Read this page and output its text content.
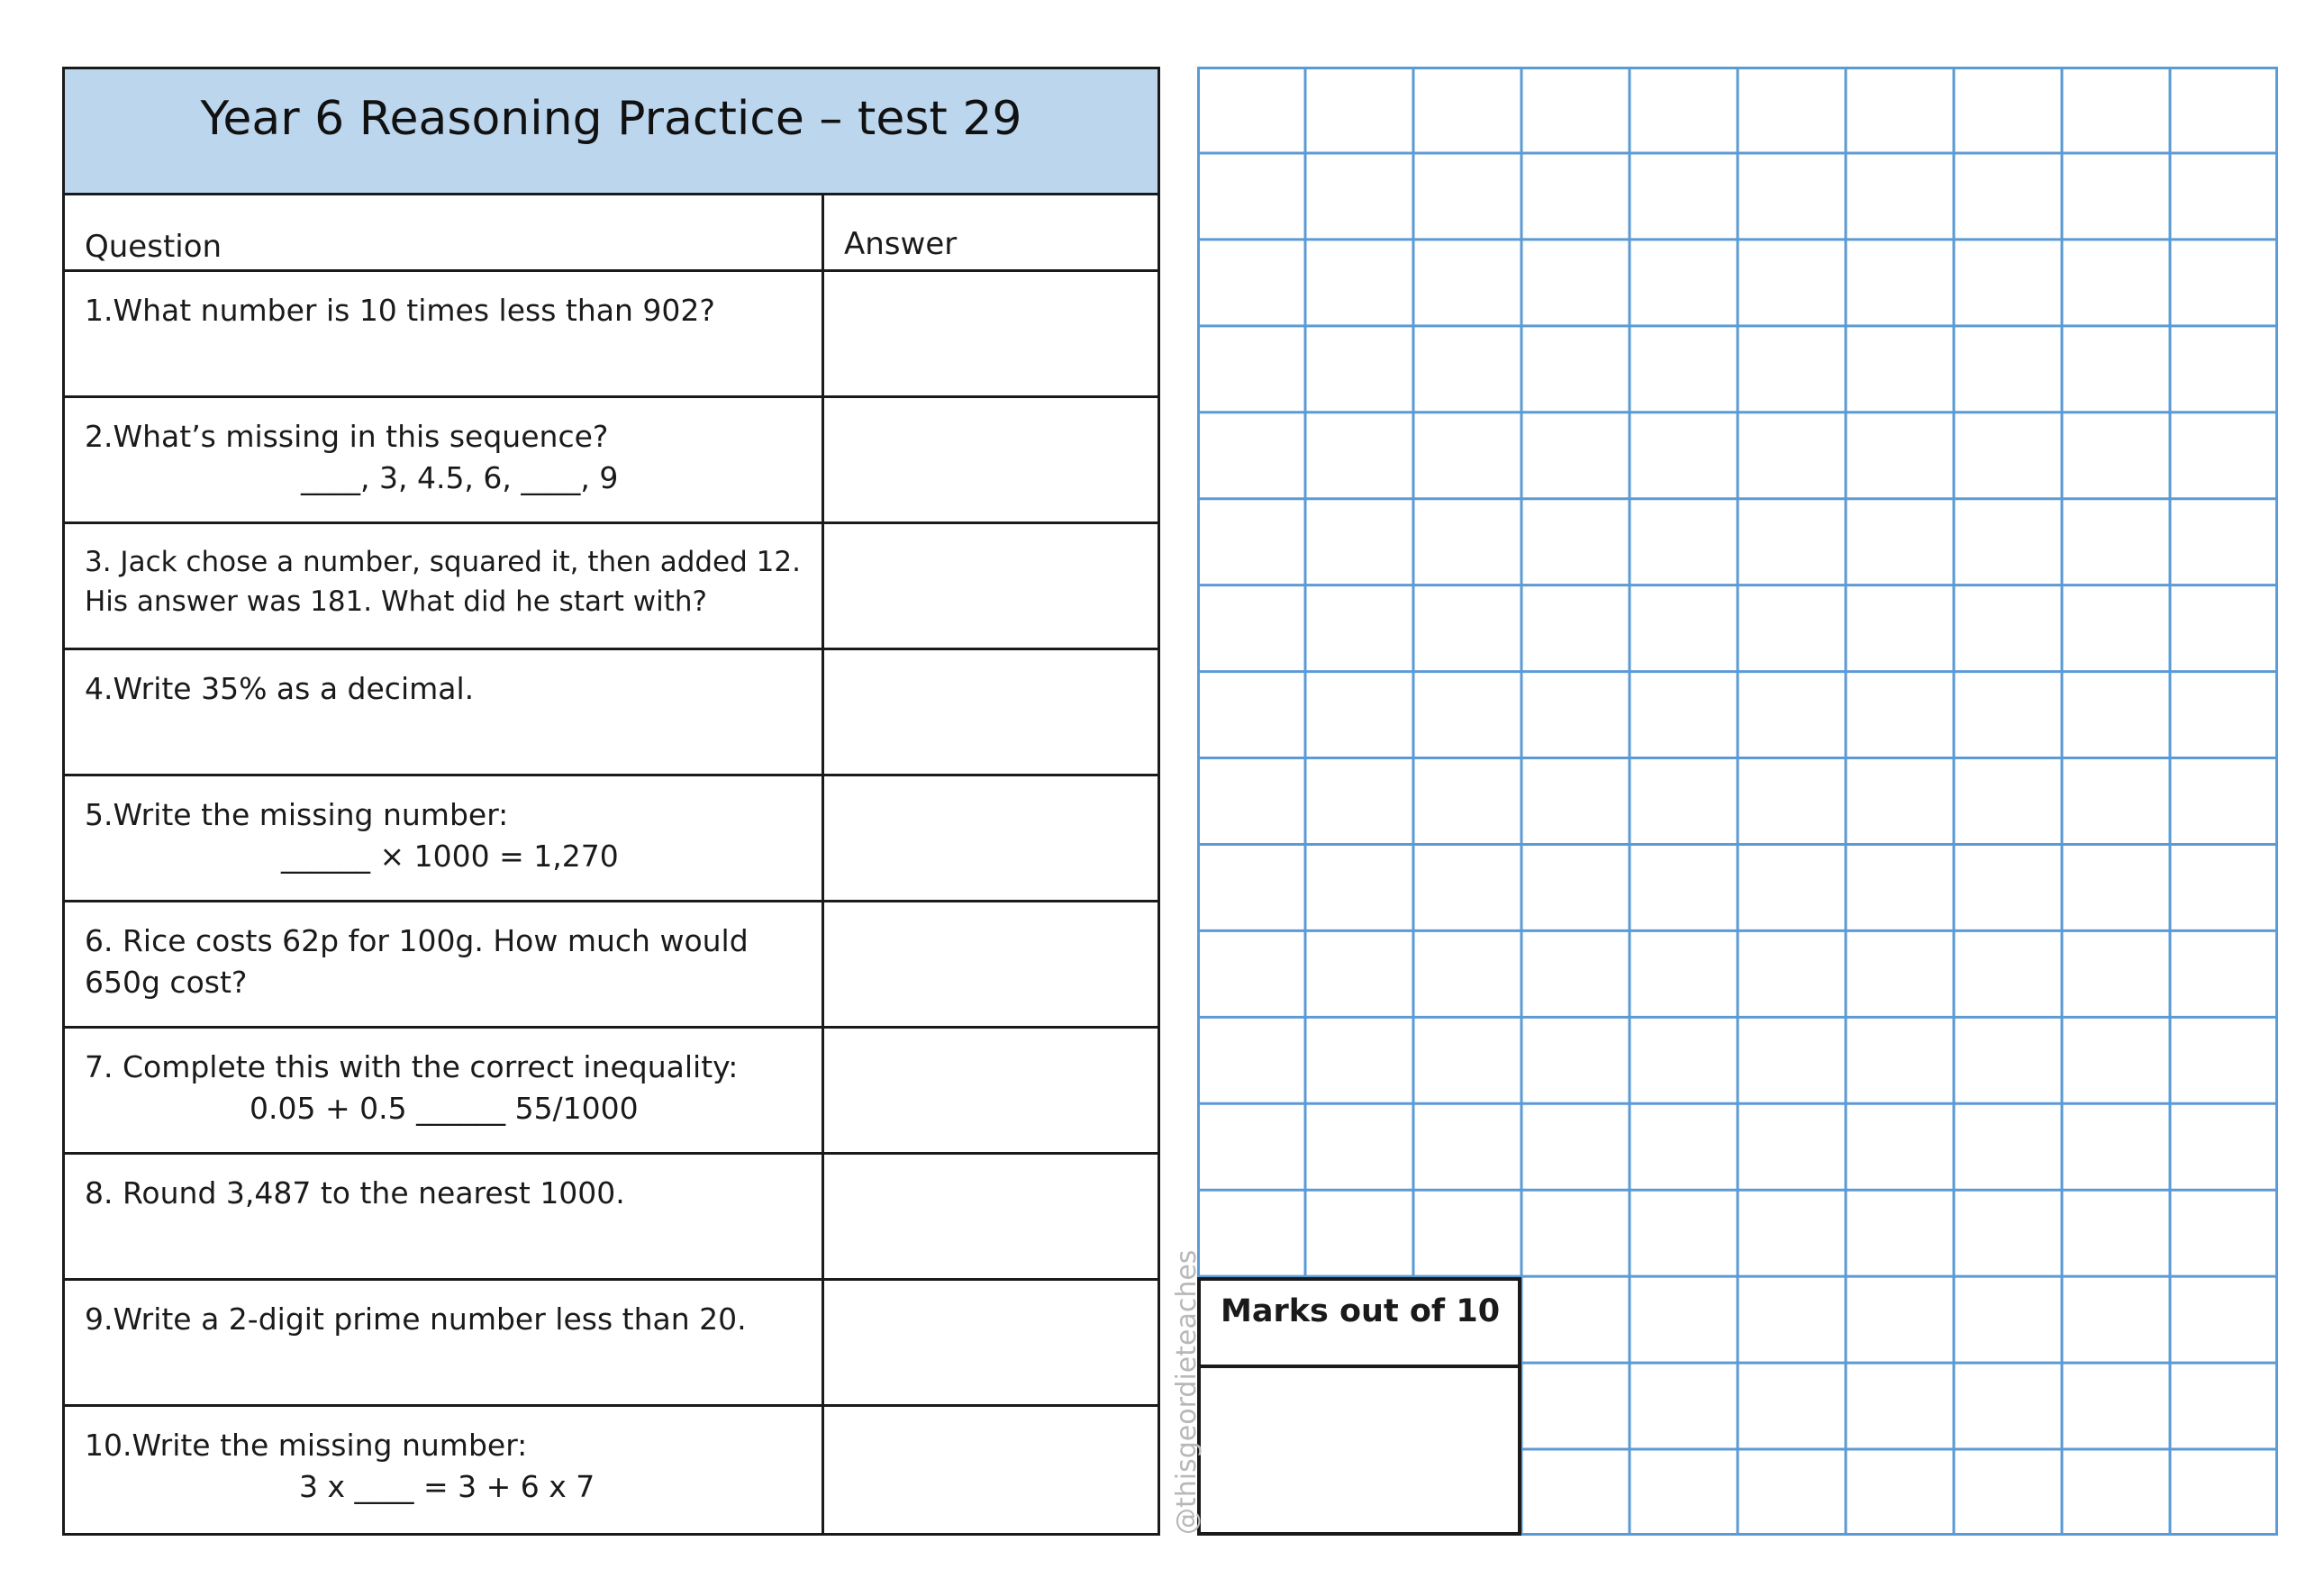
Year 6 Reasoning Practice – test 29
Question	Answer
1.What number is 10 times less than 902?
2.What’s missing in this sequence?
____, 3, 4.5, 6, ____, 9
3. Jack chose a number, squared it, then added 12.
His answer was 181. What did he start with?
4.Write 35% as a decimal.
5.Write the missing number:
______ × 1000 = 1,270
6. Rice costs 62p for 100g. How much would
650g cost?
7. Complete this with the correct inequality:
0.05 + 0.5 ______ 55/1000
8. Round 3,487 to the nearest 1000.
9.Write a 2-digit prime number less than 20.
10.Write the missing number:
3 x ____ = 3 + 6 x 7
Marks out of 10
@thisgeordieteaches
